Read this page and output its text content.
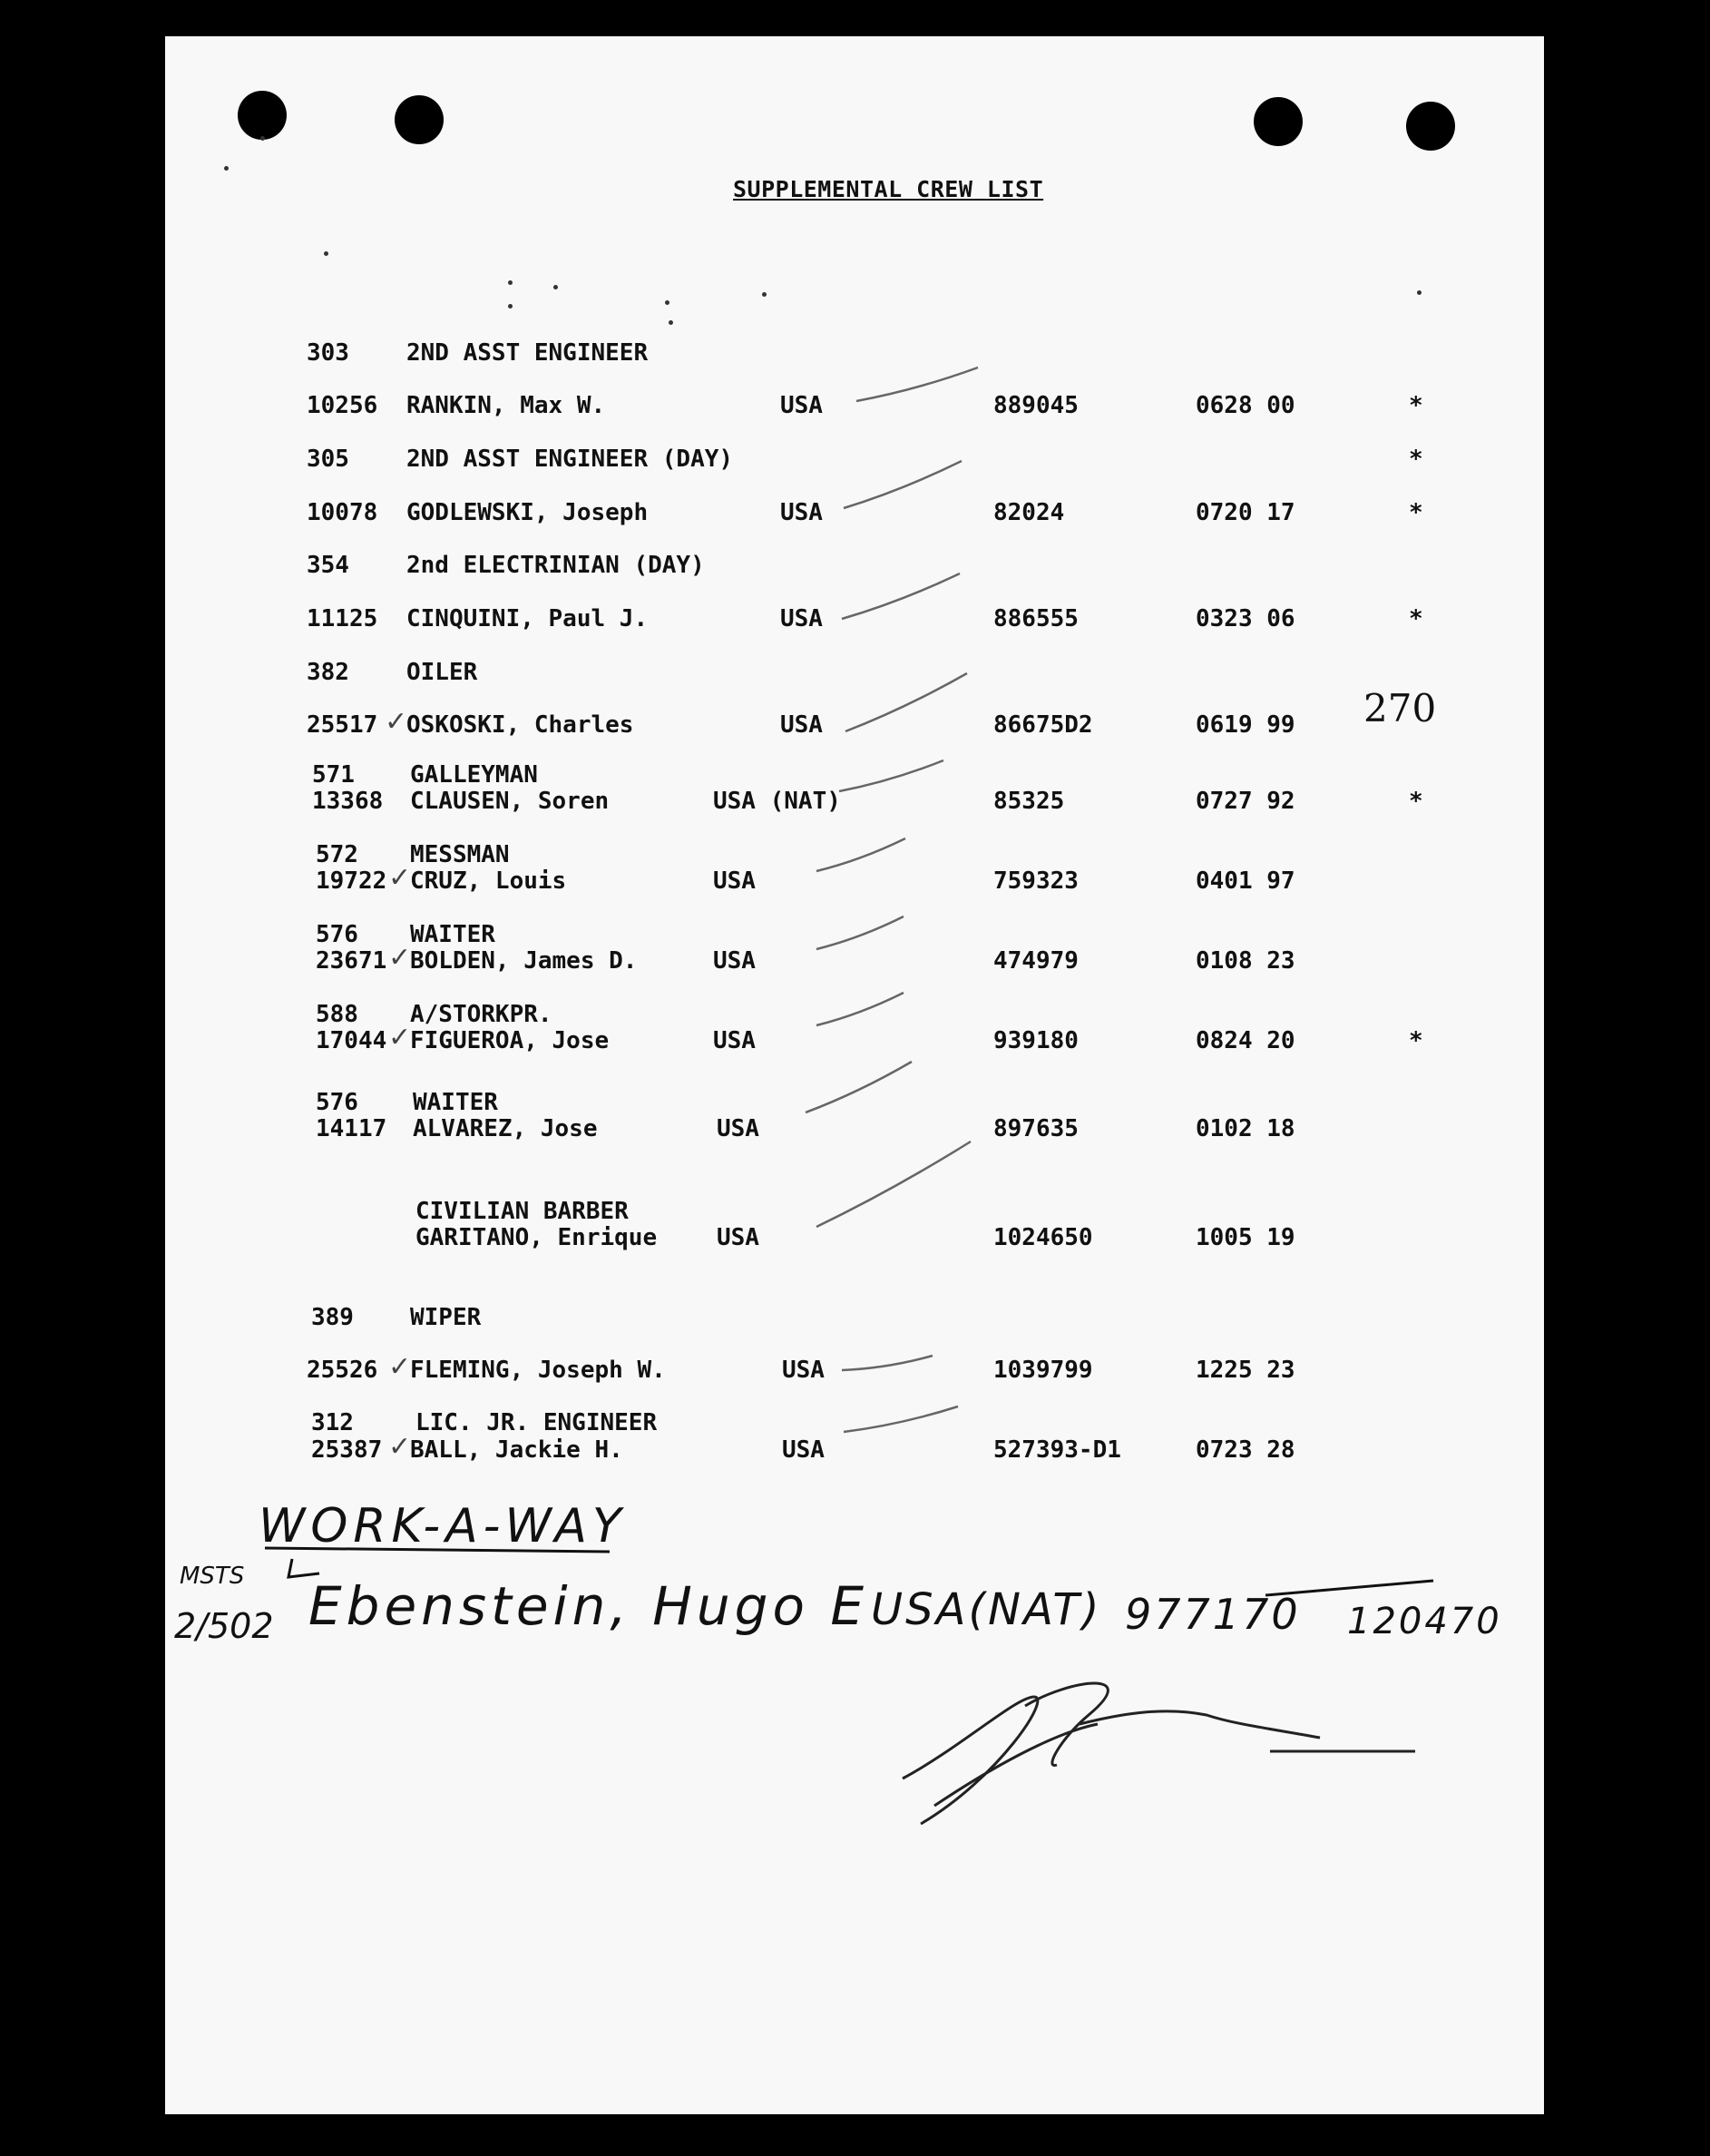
SUPPLEMENTAL CREW LIST
303 2ND ASST ENGINEER
10256 RANKIN, Max W.	USA	889045	0628 00	*
305 2ND ASST ENGINEER (DAY)	*
10078 GODLEWSKI, Joseph	USA	82024	0720 17	*
354 2nd ELECTRINIAN (DAY)
11125 CINQUINI, Paul J.	USA	886555	0323 06	*
382 OILER
25517 OSKOSKI, Charles	USA	86675D2	0619 99
✓
571 GALLEYMAN
13368 CLAUSEN, Soren	USA (NAT)	85325	0727 92	*
572 MESSMAN
19722 CRUZ, Louis	USA	759323	0401 97
✓
576 WAITER
23671 BOLDEN, James D.	USA	474979	0108 23
✓
588 A/STORKPR.
17044 FIGUEROA, Jose	USA	939180	0824 20	*
✓
576 WAITER
14117 ALVAREZ, Jose	USA	897635	0102 18
CIVILIAN BARBER
GARITANO, Enrique	USA	1024650	1005 19
389 WIPER
25526 FLEMING, Joseph W.	USA	1039799	1225 23
✓
312	LIC. JR. ENGINEER
25387 BALL, Jackie H.	USA	527393-D1	0723 28
✓
270
WORK-A-WAY
MSTS
2/502 Ebenstein, Hugo E USA(NAT) 977170 120470
